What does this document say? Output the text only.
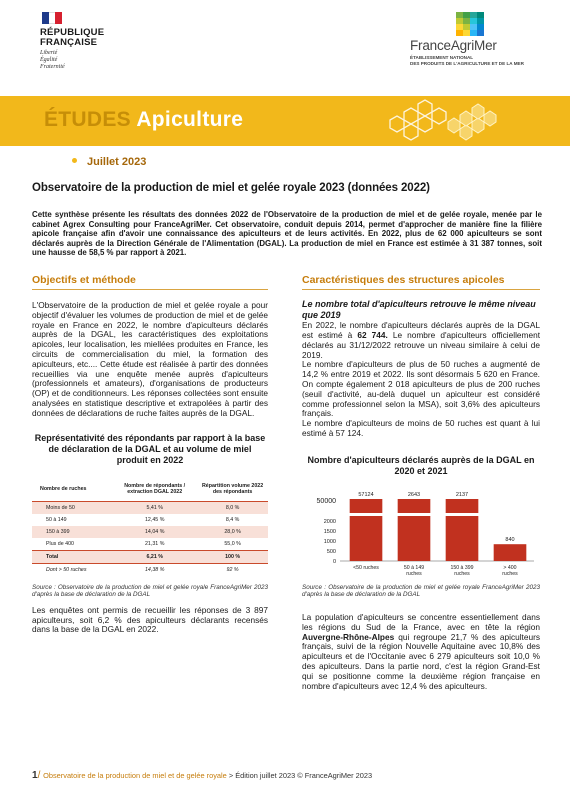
RÉPUBLIQUE
FRANÇAISE
Liberté
Égalité
Fraternité
FranceAgriMer
ÉTABLISSEMENT NATIONAL
DES PRODUITS DE L'AGRICULTURE ET DE LA MER
ÉTUDES Apiculture
Juillet 2023
Observatoire de la production de miel et gelée royale 2023 (données 2022)
Cette synthèse présente les résultats des données 2022 de l'Observatoire de la production de miel et de gelée royale, menée par le cabinet Agrex Consulting pour FranceAgriMer. Cet observatoire, conduit depuis 2014, permet d'approcher de manière fine la filière apicole française afin d'avoir une connaissance des apiculteurs et de leurs activités. En 2022, plus de 62 000 apiculteurs se sont déclarés auprès de la Direction Générale de l'Alimentation (DGAL). La production de miel en France est estimée à 31 387 tonnes, soit une hausse de 58,5 % par rapport à 2021.
Objectifs et méthode
L'Observatoire de la production de miel et gelée royale a pour objectif d'évaluer les volumes de production de miel et de gelée royale en France en 2022, le nombre d'apiculteurs déclarés auprès de la DGAL, les caractéristiques des exploitations apicoles, leur localisation, les miellées produites en France, les circuits de commercialisation du miel, la formation des apiculteurs, etc.... Cette étude est réalisée à partir des données recueillies via une enquête menée auprès d'apiculteurs (professionnels et amateurs), d'organisations de producteurs (OP) et de conditionneurs. Les réponses collectées sont ensuite analysées en statistique descriptive et extrapolées à partir des données de déclarations de ruche faites auprès de la DGAL.
Représentativité des répondants par rapport à la base de déclaration de la DGAL et au volume de miel produit en 2022
Nombre de ruches	Nombre de répondants / extraction DGAL 2022	Répartition volume 2022 des répondants
Moins de 50	5,41 %	8,0 %
50 à 149	12,45 %	8,4 %
150 à 399	14,04 %	28,0 %
Plus de 400	21,31 %	55,0 %
Total	6,21 %	100 %
Dont > 50 ruches	14,38 %	92 %
Source : Observatoire de la production de miel et gelée royale FranceAgriMer 2023 d'après la base de déclaration de la DGAL
Les enquêtes ont permis de recueillir les réponses de 3 897 apiculteurs, soit 6,2 % des apiculteurs déclarants recensés dans la base de la DGAL en 2022.
Caractéristiques des structures apicoles
Le nombre total d'apiculteurs retrouve le même niveau que 2019
En 2022, le nombre d'apiculteurs déclarés auprès de la DGAL est estimé à 62 744. Le nombre d'apiculteurs officiellement déclarés au 31/12/2022 retrouve un niveau similaire à celui de 2019.
Le nombre d'apiculteurs de plus de 50 ruches a augmenté de 14,2 % entre 2019 et 2022. Ils sont désormais 5 620 en France. On compte également 2 018 apiculteurs de plus de 200 ruches (seuil d'activité, au-delà duquel un apiculteur est considéré comme professionnel selon la MSA), soit 3,6% des apiculteurs français.
Le nombre d'apiculteurs de moins de 50 ruches est quant à lui estimé à 57 124.
Nombre d'apiculteurs déclarés auprès de la DGAL en 2020 et 2021
50000
2000
1500
1000
500
0
57124
<50 ruches
2643
50 à 149
ruches
2137
150 à 399
ruches
840
> 400
ruches
Source : Observatoire de la production de miel et gelée royale FranceAgriMer 2023 d'après la base de déclaration de la DGAL
La population d'apiculteurs se concentre essentiellement dans les régions du Sud de la France, avec en tête la région Auvergne-Rhône-Alpes qui regroupe 21,7 % des apiculteurs français, suivi de la région Nouvelle Aquitaine avec 10,8% des apiculteurs et de l'Occitanie avec 6 279 apiculteurs soit 10,0 % des apiculteurs. Dans la partie nord, c'est la région Grand-Est qui se positionne comme la deuxième région française en nombre d'apiculteurs avec 12,4 % des apiculteurs.
1/ Observatoire de la production de miel et de gelée royale > Édition juillet 2023 © FranceAgriMer 2023
